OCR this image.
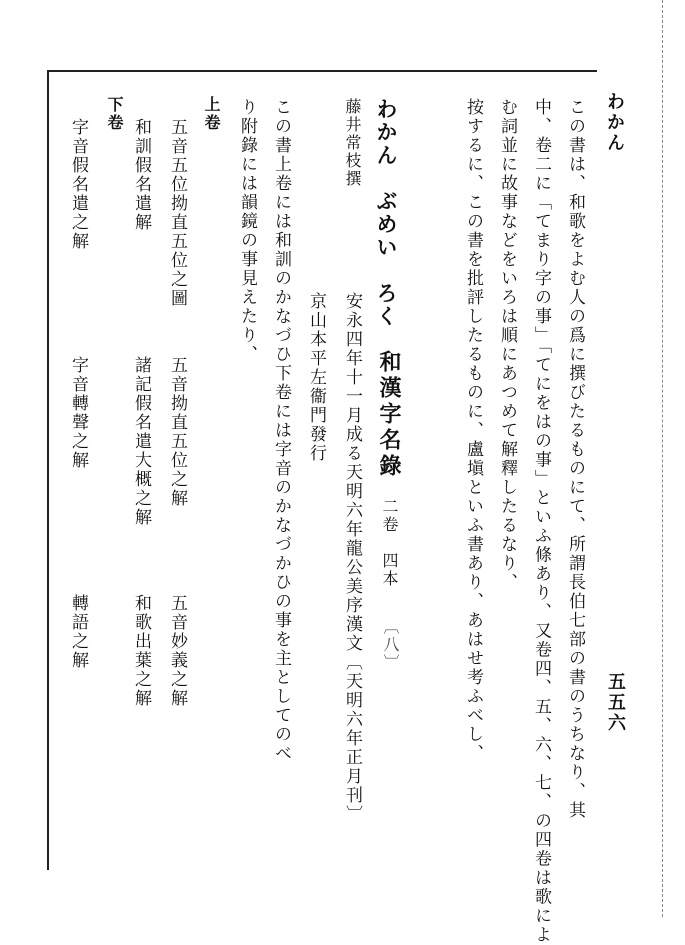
わかん
五五六
この書は、和歌をよむ人の爲に撰びたるものにて、所謂長伯七部の書のうちなり、其
中、卷二に「てまり字の事」「てにをはの事」といふ條あり、又卷四、五、六、七、の四卷は歌によ
む詞並に故事などをいろは順にあつめて解釋したるなり、
按するに、この書を批評したるものに、盧塡といふ書あり、あはせ考ふべし、
わかん　ぶめい　ろく
和漢字名錄
二卷　四本
〔八〕
藤井常枝撰
安永四年十一月成る天明六年龍公美序漢文〔天明六年正月刊〕
京山本平左衞門發行
この書上卷には和訓のかなづひ下卷には字音のかなづかひの事を主としてのべ
り附錄には韻鏡の事見えたり、
上卷
五音五位拗直五位之圖
五音拗直五位之解
五音妙義之解
和訓假名遣解
諸記假名遣大概之解
和歌出葉之解
下卷
字音假名遣之解
字音轉聲之解
轉語之解
